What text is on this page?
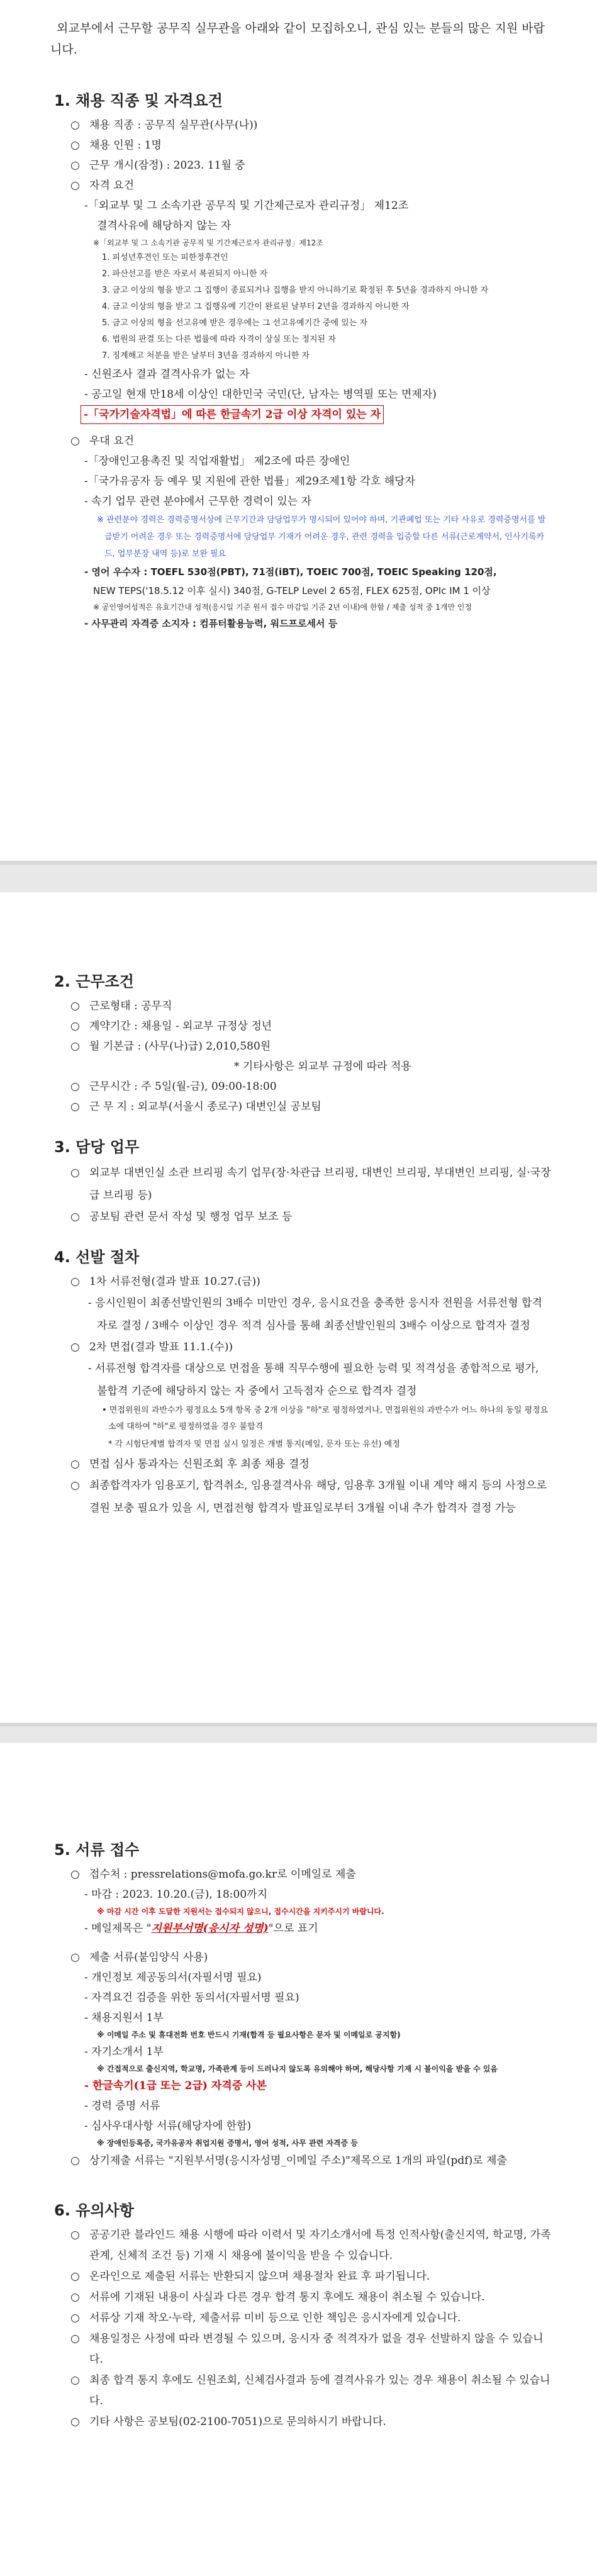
외교부에서 근무할 공무직 실무관을 아래와 같이 모집하오니, 관심 있는 분들의 많은 지원 바랍니다.

1. 채용 직종 및 자격요건
○ 채용 직종 : 공무직 실무관(사무(나))
○ 채용 인원 : 1명
○ 근무 개시(잠정) : 2023. 11월 중
○ 자격 요건
-「외교부 및 그 소속기관 공무직 및 기간제근로자 관리규정」 제12조
결격사유에 해당하지 않는 자
※「외교부 및 그 소속기관 공무직 및 기간제근로자 관리규정」제12조
1. 피성년후견인 또는 피한정후견인
2. 파산선고를 받은 자로서 복권되지 아니한 자
3. 금고 이상의 형을 받고 그 집행이 종료되거나 집행을 받지 아니하기로 확정된 후 5년을 경과하지 아니한 자
4. 금고 이상의 형을 받고 그 집행유예 기간이 완료된 날부터 2년을 경과하지 아니한 자
5. 금고 이상의 형을 선고유예 받은 경우에는 그 선고유예기간 중에 있는 자
6. 법원의 판결 또는 다른 법률에 따라 자격이 상실 또는 정지된 자
7. 징계해고 처분을 받은 날부터 3년을 경과하지 아니한 자
- 신원조사 결과 결격사유가 없는 자
- 공고일 현재 만18세 이상인 대한민국 국민(단, 남자는 병역필 또는 면제자)
-「국가기술자격법」에 따른 한글속기 2급 이상 자격이 있는 자
○ 우대 요건
-「장애인고용촉진 및 직업재활법」 제2조에 따른 장애인
-「국가유공자 등 예우 및 지원에 관한 법률」제29조제1항 각호 해당자
- 속기 업무 관련 분야에서 근무한 경력이 있는 자
※ 관련분야 경력은 경력증명서상에 근무기간과 담당업무가 명시되어 있어야 하며, 기관폐업 또는 기타 사유로 경력증명서를 발급받기 어려운 경우 또는 경력증명서에 담당업무 기재가 어려운 경우, 관련 경력을 입증할 다른 서류(근로계약서, 인사기록카드, 업무분장 내역 등)로 보완 필요
- 영어 우수자 : TOEFL 530점(PBT), 71점(iBT), TOEIC 700점, TOEIC Speaking 120점,
NEW TEPS('18.5.12 이후 실시) 340점, G-TELP Level 2 65점, FLEX 625점, OPIc IM 1 이상
※ 공인영어성적은 유효기간내 성적(응시일 기준 원서 접수 마감일 기준 2년 이내)에 한함 / 제출 성적 중 1개만 인정
- 사무관리 자격증 소지자 : 컴퓨터활용능력, 워드프로세서 등
2. 근무조건
○ 근로형태 : 공무직
○ 계약기간 : 채용일 - 외교부 규정상 정년
○ 월 기본급 : (사무(나)급) 2,010,580원
* 기타사항은 외교부 규정에 따라 적용
○ 근무시간 : 주 5일(월-금), 09:00-18:00
○ 근 무 지 : 외교부(서울시 종로구) 대변인실 공보팀
3. 담당 업무
○ 외교부 대변인실 소관 브리핑 속기 업무(장·차관급 브리핑, 대변인 브리핑, 부대변인 브리핑, 실·국장급 브리핑 등)
○ 공보팀 관련 문서 작성 및 행정 업무 보조 등
4. 선발 절차
○ 1차 서류전형(결과 발표 10.27.(금))
- 응시인원이 최종선발인원의 3배수 미만인 경우, 응시요건을 충족한 응시자 전원을 서류전형 합격자로 결정 / 3배수 이상인 경우 적격 심사를 통해 최종선발인원의 3배수 이상으로 합격자 결정
○ 2차 면접(결과 발표 11.1.(수))
- 서류전형 합격자를 대상으로 면접을 통해 직무수행에 필요한 능력 및 적격성을 종합적으로 평가, 불합격 기준에 해당하지 않는 자 중에서 고득점자 순으로 합격자 결정
• 면접위원의 과반수가 평정요소 5개 항목 중 2개 이상을 "하"로 평정하였거나, 면접위원의 과반수가 어느 하나의 동일 평정요소에 대하여 "하"로 평정하였을 경우 불합격
* 각 시험단계별 합격자 및 면접 실시 일정은 개별 통지(메일, 문자 또는 유선) 예정
○ 면접 심사 통과자는 신원조회 후 최종 채용 결정
○ 최종합격자가 임용포기, 합격취소, 임용결격사유 해당, 임용후 3개월 이내 계약 해지 등의 사정으로 결원 보충 필요가 있을 시, 면접전형 합격자 발표일로부터 3개월 이내 추가 합격자 결정 가능
5. 서류 접수
○ 접수처 : pressrelations@mofa.go.kr로 이메일로 제출
- 마감 : 2023. 10.20.(금), 18:00까지
※ 마감 시간 이후 도달한 지원서는 접수되지 않으니, 접수시간을 지키주시기 바랍니다.
- 메일제목은 "지원부서명(응시자 성명)"으로 표기
○ 제출 서류(붙임양식 사용)
- 개인정보 제공동의서(자필서명 필요)
- 자격요건 검증을 위한 동의서(자필서명 필요)
- 채용지원서 1부
※ 이메일 주소 및 휴대전화 번호 반드시 기재(합격 등 필요사항은 문자 및 이메일로 공지함)
- 자기소개서 1부
※ 간접적으로 출신지역, 학교명, 가족관계 등이 드러나지 않도록 유의해야 하며, 해당사항 기재 시 불이익을 받을 수 있음
- 한글속기(1급 또는 2급) 자격증 사본
- 경력 증명 서류
- 심사우대사항 서류(해당자에 한함)
※ 장애인등록증, 국가유공자 취업지원 증명서, 영어 성적, 사무 관련 자격증 등
○ 상기제출 서류는 "지원부서명(응시자성명_이메일 주소)"제목으로 1개의 파일(pdf)로 제출
6. 유의사항
○ 공공기관 블라인드 채용 시행에 따라 이력서 및 자기소개서에 특정 인적사항(출신지역, 학교명, 가족관계, 신체적 조건 등) 기재 시 채용에 불이익을 받을 수 있습니다.
○ 온라인으로 제출된 서류는 반환되지 않으며 채용절차 완료 후 파기됩니다.
○ 서류에 기재된 내용이 사실과 다른 경우 합격 통지 후에도 채용이 취소될 수 있습니다.
○ 서류상 기재 착오·누락, 제출서류 미비 등으로 인한 책임은 응시자에게 있습니다.
○ 채용일정은 사정에 따라 변경될 수 있으며, 응시자 중 적격자가 없을 경우 선발하지 않을 수 있습니다.
○ 최종 합격 통지 후에도 신원조회, 신체검사결과 등에 결격사유가 있는 경우 채용이 취소될 수 있습니다.
○ 기타 사항은 공보팀(02-2100-7051)으로 문의하시기 바랍니다.
